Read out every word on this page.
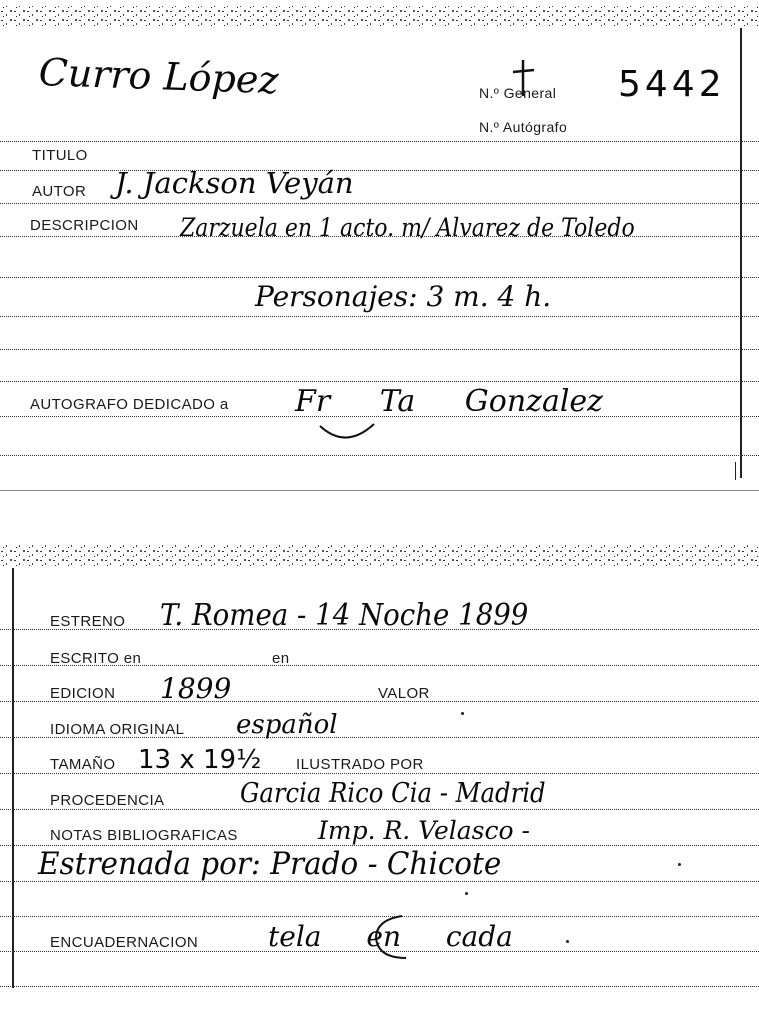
Curro López	N.º General 5442
N.º Autógrafo
TITULO
AUTOR J. Jackson Veyán
DESCRIPCION Zarzuela en 1 acto. m/ Alvarez de Toledo
Personajes: 3 m. 4 h.
AUTOGRAFO DEDICADO a Fr Ta Gonzalez
ESTRENO T. Romea - 14 Noche 1899
ESCRITO en	en
EDICION 1899	VALOR
IDIOMA ORIGINAL español
TAMAÑO 13 x 19½ ILUSTRADO POR
PROCEDENCIA	Garcia Rico Cia - Madrid
NOTAS BIBLIOGRAFICAS	Imp. R. Velasco -
Estrenada por: Prado - Chicote
ENCUADERNACION tela en cada
